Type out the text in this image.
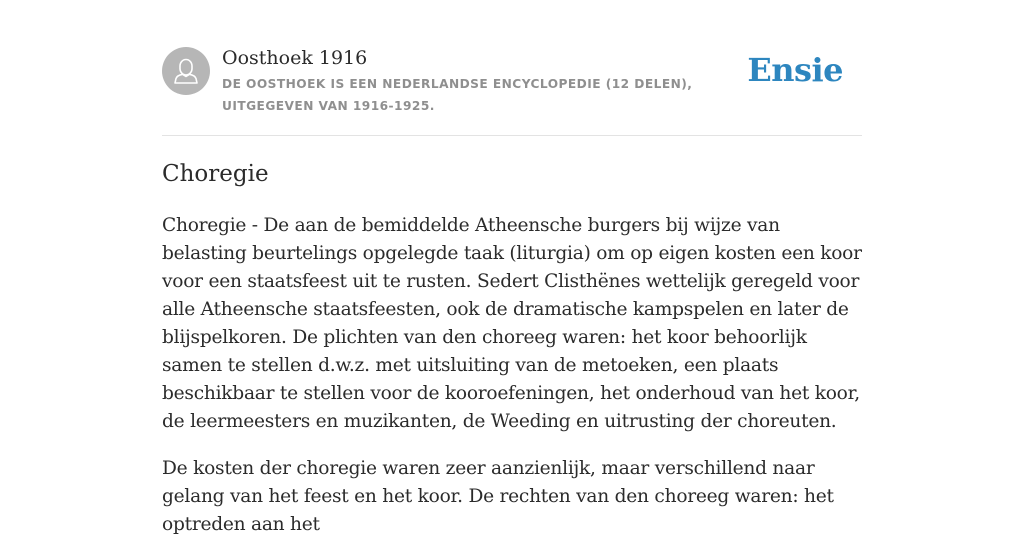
Oosthoek 1916
DE OOSTHOEK IS EEN NEDERLANDSE ENCYCLOPEDIE (12 DELEN), UITGEGEVEN VAN 1916-1925.
Ensie
Choregie

Choregie - De aan de bemiddelde Atheensche burgers bij wijze van belasting beurtelings opgelegde taak (liturgia) om op eigen kosten een koor voor een staatsfeest uit te rusten. Sedert Clisthënes wettelijk geregeld voor alle Atheensche staatsfeesten, ook de dramatische kampspelen en later de blijspelkoren. De plichten van den choreeg waren: het koor behoorlijk samen te stellen d.w.z. met uitsluiting van de metoeken, een plaats beschikbaar te stellen voor de kooroefeningen, het onderhoud van het koor, de leermeesters en muzikanten, de Weeding en uitrusting der choreuten.

De kosten der choregie waren zeer aanzienlijk, maar verschillend naar gelang van het feest en het koor. De rechten van den choreeg waren: het optreden aan het
